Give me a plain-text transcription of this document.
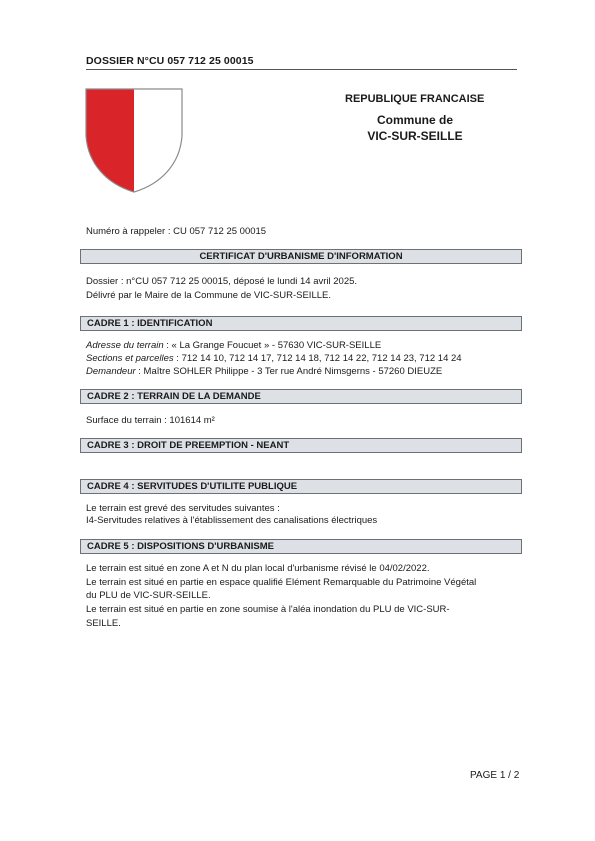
DOSSIER N°CU 057 712 25 00015
REPUBLIQUE FRANCAISE
Commune de
VIC-SUR-SEILLE
Numéro à rappeler : CU 057 712 25 00015
CERTIFICAT D'URBANISME D'INFORMATION
Dossier : n°CU 057 712 25 00015, déposé le lundi 14 avril 2025.
Délivré par le Maire de la Commune de VIC-SUR-SEILLE.
CADRE 1 : IDENTIFICATION
Adresse du terrain : « La Grange Foucuet » - 57630 VIC-SUR-SEILLE
Sections et parcelles : 712 14 10, 712 14 17, 712 14 18, 712 14 22, 712 14 23, 712 14 24
Demandeur : Maître SOHLER Philippe - 3 Ter rue André Nimsgerns - 57260 DIEUZE
CADRE 2 : TERRAIN DE LA DEMANDE
Surface du terrain : 101614 m²
CADRE 3 : DROIT DE PREEMPTION - NEANT
CADRE 4 : SERVITUDES D'UTILITE PUBLIQUE
Le terrain est grevé des servitudes suivantes :
I4-Servitudes relatives à l'établissement des canalisations électriques
CADRE 5 : DISPOSITIONS D'URBANISME
Le terrain est situé en zone A et N du plan local d'urbanisme révisé le 04/02/2022.
Le terrain est situé en partie en espace qualifié Elément Remarquable du Patrimoine Végétal
du PLU de VIC-SUR-SEILLE.
Le terrain est situé en partie en zone soumise à l'aléa inondation du PLU de VIC-SUR-
SEILLE.
PAGE 1 / 2
